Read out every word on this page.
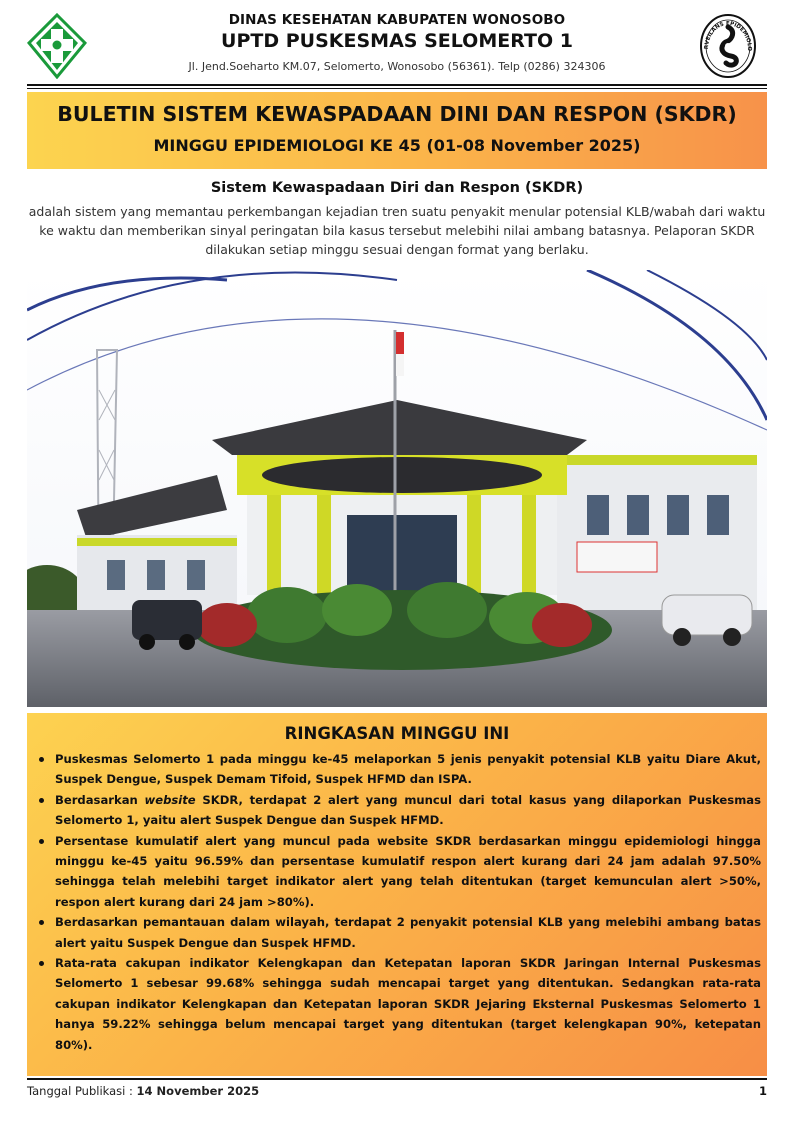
DINAS KESEHATAN KABUPATEN WONOSOBO
UPTD PUSKESMAS SELOMERTO 1
Jl. Jend.Soeharto KM.07, Selomerto, Wonosobo (56361). Telp (0286) 324306
RVEILANS EPIDEMIOLO
BULETIN SISTEM KEWASPADAAN DINI DAN RESPON (SKDR)
MINGGU EPIDEMIOLOGI KE 45 (01-08 November 2025)
Sistem Kewaspadaan Diri dan Respon (SKDR)
adalah sistem yang memantau perkembangan kejadian tren suatu penyakit menular potensial KLB/wabah dari waktu ke waktu dan memberikan sinyal peringatan bila kasus tersebut melebihi nilai ambang batasnya. Pelaporan SKDR dilakukan setiap minggu sesuai dengan format yang berlaku.
RINGKASAN MINGGU INI
Puskesmas Selomerto 1 pada minggu ke-45 melaporkan 5 jenis penyakit potensial KLB yaitu Diare Akut, Suspek Dengue, Suspek Demam Tifoid, Suspek HFMD dan ISPA.
Berdasarkan website SKDR, terdapat 2 alert yang muncul dari total kasus yang dilaporkan Puskesmas Selomerto 1, yaitu alert Suspek Dengue dan Suspek HFMD.
Persentase kumulatif alert yang muncul pada website SKDR berdasarkan minggu epidemiologi hingga minggu ke-45 yaitu 96.59% dan persentase kumulatif respon alert kurang dari 24 jam adalah 97.50% sehingga telah melebihi target indikator alert yang telah ditentukan (target kemunculan alert >50%, respon alert kurang dari 24 jam >80%).
Berdasarkan pemantauan dalam wilayah, terdapat 2 penyakit potensial KLB yang melebihi ambang batas alert yaitu Suspek Dengue dan Suspek HFMD.
Rata-rata cakupan indikator Kelengkapan dan Ketepatan laporan SKDR Jaringan Internal Puskesmas Selomerto 1 sebesar 99.68% sehingga sudah mencapai target yang ditentukan. Sedangkan rata-rata cakupan indikator Kelengkapan dan Ketepatan laporan SKDR Jejaring Eksternal Puskesmas Selomerto 1 hanya 59.22% sehingga belum mencapai target yang ditentukan (target kelengkapan 90%, ketepatan 80%).
Tanggal Publikasi : 14 November 2025	1
